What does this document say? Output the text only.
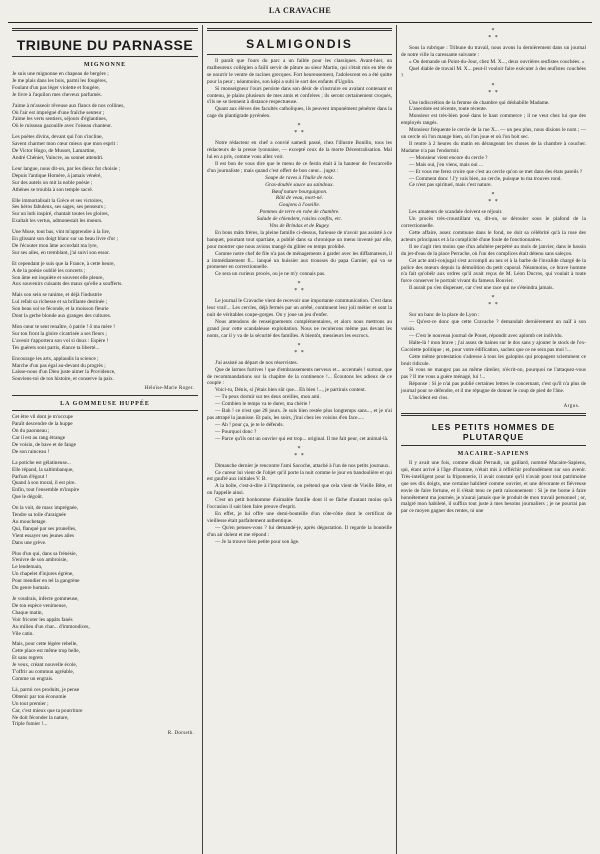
LA CRAVACHE
TRIBUNE DU PARNASSE
MIGNONNE
Je suis une mignonne en chapeau de bergère ;
Je me plais dans les bois, parmi les fougères,
Foulant d'un pas léger violette et fougère,
Je livre à l'aquilon mes cheveux parfumés.
J'aime à m'asseoir rêveuse aux flancs de nos collines,
Où l'air est imprégné d'une fraîche senteur ;
J'aime les verts sentiers, séjours d'églantines,
Où le ruisseau gazouille avec l'oiseau chanteur.
Les poètes divins, devant qui l'on s'incline,
Savent charmer mon cœur mieux que mon esprit :
De Victor Hugo, de Musset, Lamartine,
André Chénier, Vaincre, au sonnet attendri.
Leur langue, nous dit-on, par les dieux fut choisie ;
Depuis l'antique Homère, à jamais vénéré,
Sur des autels on mit la noble poésie ;
Athènes se troubla à son temple sacré.
Elle immortalisait la Grèce et ses victoires,
Ses héros fabuleux, ses sages, ses penseurs ;
Sur un luth inspiré, chantait toutes les gloires,
Exaltait les vertus, admonestait les mœurs.
Une Muse, tout bas, vint m'apprendre à la lire,
En glissant son doigt blanc sur un beau livre d'or ;
De l'écouter mon âme accordait ma lyre,
Sur ses ailes, en tremblant, j'ai suivi son essor.
Et cependant je suis que la France, à cette heure,
A de la poésie oublié les concerts ;
Son âme est inquiète et souvent elle pleure,
Aux souvenirs cuisants des maux qu'elle a soufferts.
Mais son sein se ranime, et déjà l'industrie
Lui refait sa richesse et sa brillante destinée ;
Son beau sol se féconde, et la moisson fleurie
Dont la gerbe blonde aux granges des cultures.
Mon cœur te sent renaître, ô patrie ! ô ma mère !
Sur ton front la gloire cicatrisée a ses fleurs ;
L'avenir t'apportera son vol si doux : Espère !
Tes guérets sont partis, élance ta liberté...
Encourage les arts, applaudis la science ;
Marche d'un pas égal au-devant du progrès ;
Laisse-nous d'un Dieu juste aimer la Providence,
Souviens-toi de ton histoire, et conserve la paix.
Héloïse-Marie Roger.
LA GOMMEUSE HUPPÉE
Cet être vil dont je m'occupe
Paraît descendre de la huppe
On du paonneau ;
Car il est au rang étrange
De voisin, de bave et de fange
De son rainceau !
La potiche est gélatineuse...
Elle répand, la saltimbanque,
Parfum d'égout !
Quand à son moral, il est pire.
Enfin, tout l'ensemble m'inspire
Que le dégoût.
On la voit, de masc imprégnée,
Tendre sa toile d'araignée
Au mouchetage.
Qui, flanqué par ses prunelles,
Vient essayer ses jeunes ailes
Dans une grève.
Plus d'un qui, dans sa frénésie,
S'enivre de son ambroisie,
Le lendemain,
Un chapelet d'injures égrène,
Pour mendier en tel la gangrène
Du genre humain.
Je voudrais, infecte gommeuse,
De ton espèce venimeuse,
Chaque matin,
Voir fricoter les appâts fanés
Au milieu d'un char... d'immondices,
Vile catin.
Mais, pour cette légère rebelle,
Cette place est même trop belle,
Et sans regrets
Je veux, créant nouvelle école,
T'offrir au commun agréable,
Comme un engrais.
Là, parmi ces produits, je pense
Obtenir par ton économie
Un tout premier ;
Car, c'est mieux que ta pourriture
Ne doit féconder la nature,
Triple fumier !...
R. Dorseth.
SALMIGONDIS

Il paraît que l'ours du parc a un faible pour les classiques. Avant-hier, un malheureux collégien a failli servir de pâture au sieur Martin, qui s'était mis en tête de se nourrir le ventre de racines grecques. Fort heureusement, l'adolescent en a été quitte pour la peur ; néanmoins, son képi a subi le sort des enfants d'Ugolin.

Si monseigneur l'ours persiste dans son désir de s'instruire en avalant contenant et contenu, je plains plusieurs de mes amis et confrères ; ils seront certainement croqués, s'ils ne se tiennent à distance respectueuse.

Quant aux élèves des facultés catholiques, ils peuvent impunément pénétrer dans la cage du plantigrade pyrénéen.

*
* *

Notre rédacteur en chef a convié samedi passé, chez l'illustre Bonillo, tous les rédacteurs de la presse lyonnaise, — excepté ceux de la morte Décentralisation. Mal lui en a pris, comme vous allez voir.

Il est bon de vous dire que le menu de ce festin était à la hauteur de l'escarcelle d'un journaliste ; mais quand c'est offert de bon cœur... jugez :

Soupe de raves à l'huile de noix.
Gras-double sauce au saindoux.
Bœuf nature bourguignon.
Rôti de veau, mort-né.
Goujons à l'oseille.
Pommes de terre en robe de chambre.
Salade de chiendent, raisins confits, etc.
Vins de Brindas et de Rugey.

En bons mâts frères, la pleine famille ci-dessus, furieuse de n'avoir pas assisté à ce banquet, pourtant tout spartiate, a publié dans sa chronique un menu inventé par elle, pour montrer que nous avions mangé du gibier en temps prohibé.

Comme notre chef de file n'a pas de ménagements à garder avec les diffamateurs, il a immédiatement fi... lanqué un huissier aux trousses du papa Garnier, qui va se promener en correctionnelle.

Ce sera un curieux procès, ou je ne m'y connais pas.

*
* *

Le journal le Cravache vient de recevoir une importante communication. C'est dans leur vrai!... Les cercles, déjà fermés par un arrêté, continuent leur joli métier et sont la nuit de véritables coupe-gorges. On y joue un jeu d'enfer.

Nous attendons de renseignements complémentaires, et alors nous mettrons au grand jour cette scandaleuse exploitation. Nous ne reculerons même pas devant les noms, car il y va de la sécurité des familles. A bientôt, messieurs les escrocs.

*
* *

J'ai assisté au départ de nos réservistes.

Que de larmes furtives ! que d'embrassements nerveux et... accentués ! surtout, que de recommandations sur la chapitre de la continence !... Écoutons les adieux de ce couple :

Voici-tu, Dénis, si j'étais bien sûr que... Eh bien !..., je partirais content.

— Tu peux dormir sur tes deux oreilles, mon ami.

— Combien le temps va te durer, ma chérie !

— Bah ! ce n'est que 28 jours. Je suis bien restée plus longtemps sans..., et je n'ai pas attrapé la jaunisse. Et puis, les soirs, j'irai chez les voisins d'en face.....

— Ah ! pour ça, je te le défends.

— Pourquoi donc ?

— Parce qu'ils ont un ouvrier qui est trop... original. Il me fait peur, cet animal-là.

*
* *

Dimanche dernier je rencontre l'ami Sacoche, attaché à l'un de nos petits journaux.

Ce cureur lui vient de l'objet qu'il porte la nuit comme le jour en bandoulière et qui est gaufré aux initiales V. B.

A la boîte, c'est-à-dire à l'imprimerie, on prétend que cela vient de Vieille Bête, et on l'appelle ainsi.

C'est un petit bonhomme d'aimable famille dont il se fâche d'autant moins qu'à l'occasion il sait bien faire preuve d'esprit.

En effet, je lui offre une demi-bouteille d'un côte-rôtie dont le certificat de vieillesse était parfaitement authentique.

— Qu'en penses-vous ? lui demandé-je, après dégustation. Il regarde la bouteille d'un air dolent et me répond :

— Je la trouve bien petite pour son âge.

*
* *

Sous la rubrique : Tribune du travail, nous avons lu dernièrement dans un journal de notre ville la caressante suivante :

« On demande un Point-du-Jour, chez M. X..., deux ouvrières œufistes couchées. »

Quel diable de travail M. X... peut-il vouloir faire exécuter à des œufistes couchées ?

*
* *

Une indiscrétion de la femme de chambre qui déshabille Madame.

L'anecdote est récente, toute récente.

Monsieur est très-bien posé dans le haut commerce ; il ne veut chez lui que des employés rangés.

Monsieur fréquente le cercle de la rue X... — un peu plus, nous disions le nom ; — un cercle où l'on mange bien, où l'on joue et où l'on boit sec.

Il rentre à 2 heures du matin en dérangeant les choses de la chambre à coucher. Madame n'a pas l'endormir.

— Monsieur vient encore du cercle ?

— Mais oui, j'en viens, mais oui ...

— Et vous me ferez croire que c'est au cercle qu'on se met dans des états pareils ?

— Comment donc ! J'y vais bien, au cercle, puisque tu ma trouves rond.

Ce n'est pas spirituel, mais c'est nature.

*
* *

Les amateurs de scandale doivent se réjouir.

Un procès très-croustillant va, dit-on, se dérouler sous le plafond de la correctionnelle.

Cette affaire, assez commune dans le fond, ne doit sa célébrité qu'à la rose des acteurs principaux et à la complicité d'une foule de fonctionnaires.

Il ne s'agit rien moins que d'un adultère perpétré au mois de janvier, dans le bassin du jet-d'eau de la place Perrache, où l'un des complices était détenu sans saleçon.

Cet acte anti-conjugal s'est accompli au nez et à la barbe de l'invalide chargé de la police des mœurs depuis la démolition du petit caporal. Néanmoins, ce brave homme n'a fait qu'obéir aux ordres qu'il avait reçus de M. Léon Ducros, qui voulait à toute force conserver le portrait vivant du fameux Bouvier.

Il aurait pu s'en dispenser, car c'est une race qui ne s'éteindra jamais.

*
* *

Sur un banc de la place de Lyon :

— Qu'est-ce donc que cette Cravache ? demandait dernièrement un naïf à son voisin.

— C'est le nouveau journal de Pouet, répondit avec aplomb cet individu.

Halte-là ! mon brave ; j'ai assez de haines sur le dos sans y ajouter le stock de l'ex-Cocolette politique ; et, pour votre édification, sachez que ce ne sera pas moi !...

Cette même protestation s'adresse à tous les galopins qui propagent sciemment ce bruit ridicule.

Si vous ne mangez pas au même râtelier, n'écrit-on, pourquoi ne l'attaquez-vous pas ? Il me vous a guère ménagé, lui !...

Réponse : Si je n'ai pas publié certaines lettres le concernant, c'est qu'il n'a plus de journal pour se défendre, et il me répugne de donner le coup de pied de l'âne.

L'incident est clos.

Argus.
LES PETITS HOMMES DE PLUTARQUE
MACAIRE-SAPIENS

Il y avait une fois, comme disait Perrault, un gaillard, nommé Macaire-Sapiens, qui, étant arrivé à l'âge d'homme, n'était mis à réfléchir profondément sur son avenir. Très-intelligent pour la friponnerie, il avait constaté qu'il n'avait pour tout patrimoine que ses dix doigts, une certaine habileté comme ouvrier, et une dévorante et fiévreuse envie de faire fortune, et il s'était tenu ce petit raisonnement : Si je me borne à faire honnêtement ma journée, je n'aurai jamais que le produit de mon travail personnel ; or, malgré mon habileté, il suffira tout juste à mes besoins journaliers ; je ne pourrai pas par ce moyen gagner des rentes, ni une
